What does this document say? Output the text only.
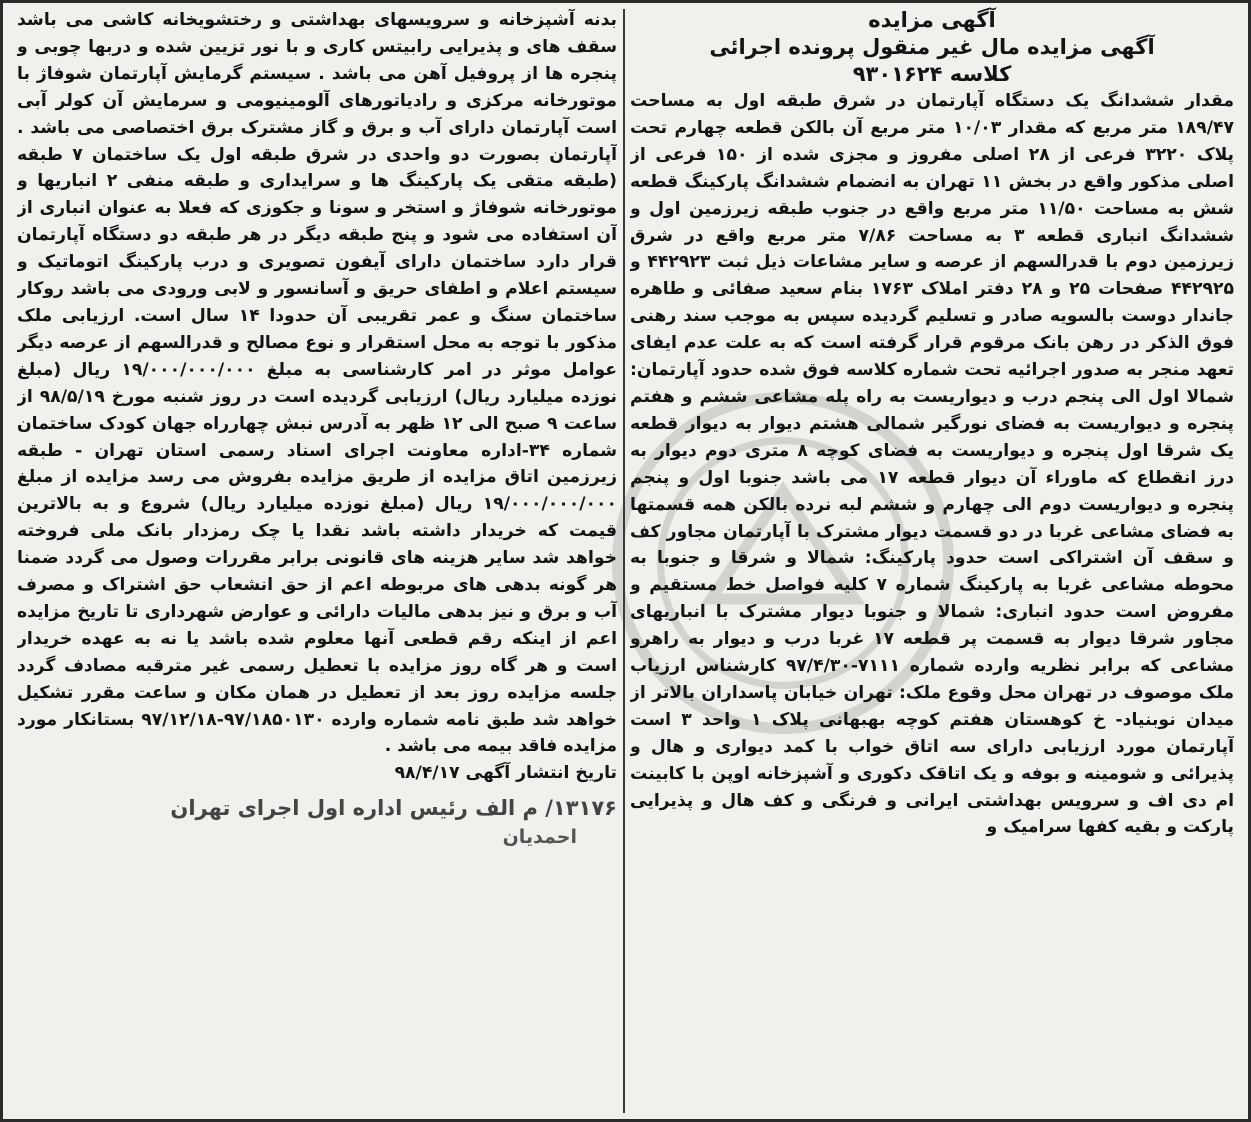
آگهی مزایده
آگهی مزایده مال غیر منقول پرونده اجرائی
کلاسه ۹۳۰۱۶۲۴

مقدار ششدانگ یک دستگاه آپارتمان در شرق طبقه اول به مساحت ۱۸۹/۴۷ متر مربع که مقدار ۱۰/۰۳ متر مربع آن بالکن قطعه چهارم تحت پلاک ۳۲۲۰ فرعی از ۲۸ اصلی مفروز و مجزی شده از ۱۵۰ فرعی از اصلی مذکور واقع در بخش ۱۱ تهران به انضمام ششدانگ پارکینگ قطعه شش به مساحت ۱۱/۵۰ متر مربع واقع در جنوب طبقه زیرزمین اول و ششدانگ انباری قطعه ۳ به مساحت ۷/۸۶ متر مربع واقع در شرق زیرزمین دوم با قدرالسهم از عرصه و سایر مشاعات ذیل ثبت ۴۴۲۹۲۳ و ۴۴۲۹۲۵ صفحات ۲۵ و ۲۸ دفتر املاک ۱۷۶۳ بنام سعید صفائی و طاهره جاندار دوست بالسویه صادر و تسلیم گردیده سپس به موجب سند رهنی فوق الذکر در رهن بانک مرقوم قرار گرفته است که به علت عدم ایفای تعهد منجر به صدور اجرائیه تحت شماره کلاسه فوق شده حدود آپارتمان: شمالا اول الی پنجم درب و دیواریست به راه پله مشاعی ششم و هفتم پنجره و دیواریست به فضای نورگیر شمالی هشتم دیوار به دیوار قطعه یک شرقا اول پنجره و دیواریست به فضای کوچه ۸ متری دوم دیوار به درز انقطاع که ماوراء آن دیوار قطعه ۱۷ می باشد جنوبا اول و پنجم پنجره و دیواریست دوم الی چهارم و ششم لبه نرده بالکن همه قسمتها به فضای مشاعی غربا در دو قسمت دیوار مشترک با آپارتمان مجاور کف و سقف آن اشتراکی است حدود پارکینگ: شمالا و شرقا و جنوبا به محوطه مشاعی غربا به پارکینگ شماره ۷ کلیه فواصل خط مستقیم و مفروض است حدود انباری: شمالا و جنوبا دیوار مشترک با انباریهای مجاور شرقا دیوار به قسمت پر قطعه ۱۷ غربا درب و دیوار به راهرو مشاعی که برابر نظریه وارده شماره ۷۱۱۱-۹۷/۴/۳۰ کارشناس ارزیاب ملک موصوف در تهران محل وقوع ملک: تهران خیابان پاسداران بالاتر از میدان نوبنیاد- خ کوهستان هفتم کوچه بهبهانی پلاک ۱ واحد ۳ است آپارتمان مورد ارزیابی دارای سه اتاق خواب با کمد دیواری و هال و پذیرائی و شومینه و بوفه و یک اتاقک دکوری و آشپزخانه اوپن با کابینت ام دی اف و سرویس بهداشتی ایرانی و فرنگی و کف هال و پذیرایی پارکت و بقیه کفها سرامیک و

بدنه آشپزخانه و سرویسهای بهداشتی و رختشویخانه کاشی می باشد سقف های و پذیرایی رابیتس کاری و با نور تزیین شده و دربها چوبی و پنجره ها از پروفیل آهن می باشد . سیستم گرمایش آپارتمان شوفاژ با موتورخانه مرکزی و رادیاتورهای آلومینیومی و سرمایش آن کولر آبی است آپارتمان دارای آب و برق و گاز مشترک برق اختصاصی می باشد . آپارتمان بصورت دو واحدی در شرق طبقه اول یک ساختمان ۷ طبقه (طبقه متقی یک پارکینگ ها و سرایداری و طبقه منفی ۲ انباریها و موتورخانه شوفاژ و استخر و سونا و جکوزی که فعلا به عنوان انباری از آن استفاده می شود و پنج طبقه دیگر در هر طبقه دو دستگاه آپارتمان قرار دارد ساختمان دارای آیفون تصویری و درب پارکینگ اتوماتیک و سیستم اعلام و اطفای حریق و آسانسور و لابی ورودی می باشد روکار ساختمان سنگ و عمر تقریبی آن حدودا ۱۴ سال است. ارزیابی ملک مذکور با توجه به محل استقرار و نوع مصالح و قدرالسهم از عرصه دیگر عوامل موثر در امر کارشناسی به مبلغ ۱۹/۰۰۰/۰۰۰/۰۰۰ ریال (مبلغ نوزده میلیارد ریال) ارزیابی گردیده است در روز شنبه مورخ ۹۸/۵/۱۹ از ساعت ۹ صبح الی ۱۲ ظهر به آدرس نبش چهارراه جهان کودک ساختمان شماره ۳۴-اداره معاونت اجرای اسناد رسمی استان تهران - طبقه زیرزمین اتاق مزایده از طریق مزایده بفروش می رسد مزایده از مبلغ ۱۹/۰۰۰/۰۰۰/۰۰۰ ریال (مبلغ نوزده میلیارد ریال) شروع و به بالاترین قیمت که خریدار داشته باشد نقدا یا چک رمزدار بانک ملی فروخته خواهد شد سایر هزینه های قانونی برابر مقررات وصول می گردد ضمنا هر گونه بدهی های مربوطه اعم از حق انشعاب حق اشتراک و مصرف آب و برق و نیز بدهی مالیات دارائی و عوارض شهرداری تا تاریخ مزایده اعم از اینکه رقم قطعی آنها معلوم شده باشد یا نه به عهده خریدار است و هر گاه روز مزایده با تعطیل رسمی غیر مترقبه مصادف گردد جلسه مزایده روز بعد از تعطیل در همان مکان و ساعت مقرر تشکیل خواهد شد طبق نامه شماره وارده ۹۷/۱۸۵۰۱۳۰-۹۷/۱۲/۱۸ بستانکار مورد مزایده فاقد بیمه می باشد .

تاریخ انتشار آگهی ۹۸/۴/۱۷
۱۳۱۷۶/ م الف رئیس اداره اول اجرای تهران
احمدیان
